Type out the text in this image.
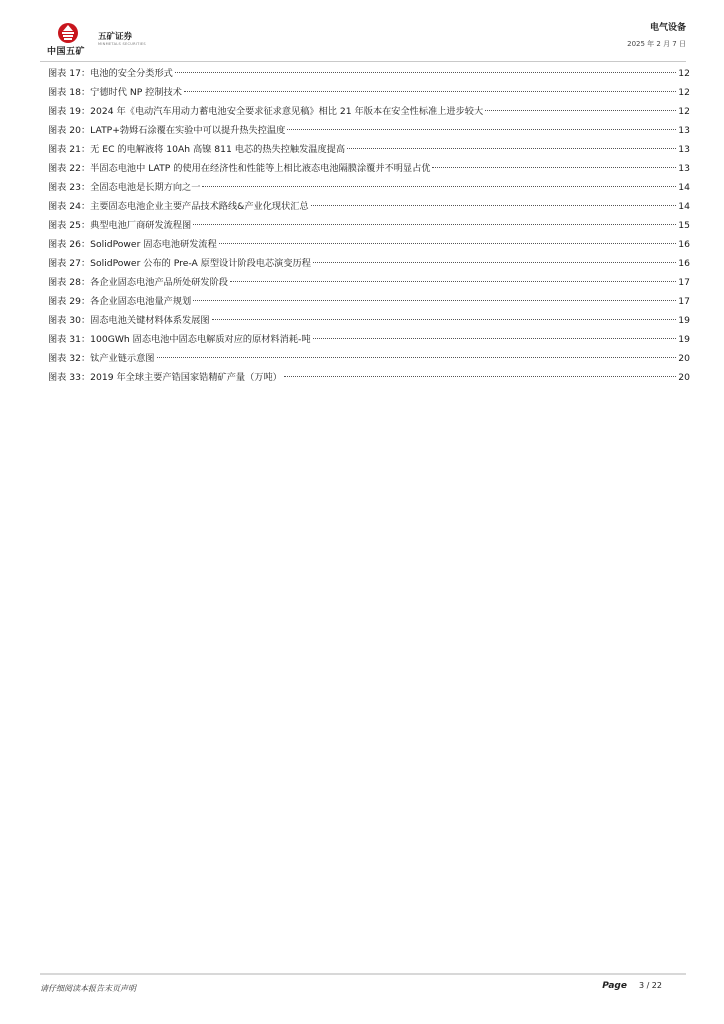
中国五矿
五矿证券
MINMETALS SECURITIES
电气设备
2025 年 2 月 7 日
图表 17：电池的安全分类形式	12
图表 18：宁德时代 NP 控制技术	12
图表 19：2024 年《电动汽车用动力蓄电池安全要求征求意见稿》相比 21 年版本在安全性标准上进步较大	12
图表 20：LATP+勃姆石涂覆在实验中可以提升热失控温度	13
图表 21：无 EC 的电解液将 10Ah 高镍 811 电芯的热失控触发温度提高	13
图表 22：半固态电池中 LATP 的使用在经济性和性能等上相比液态电池隔膜涂覆并不明显占优	13
图表 23：全固态电池是长期方向之一	14
图表 24：主要固态电池企业主要产品技术路线&产业化现状汇总	14
图表 25：典型电池厂商研发流程图	15
图表 26：SolidPower 固态电池研发流程	16
图表 27：SolidPower 公布的 Pre-A 原型设计阶段电芯演变历程	16
图表 28：各企业固态电池产品所处研发阶段	17
图表 29：各企业固态电池量产规划	17
图表 30：固态电池关键材料体系发展图	19
图表 31：100GWh 固态电池中固态电解质对应的原材料消耗-吨	19
图表 32：钛产业链示意图	20
图表 33：2019 年全球主要产锆国家锆精矿产量（万吨）	20
请仔细阅读本报告末页声明	Page 3 / 22
